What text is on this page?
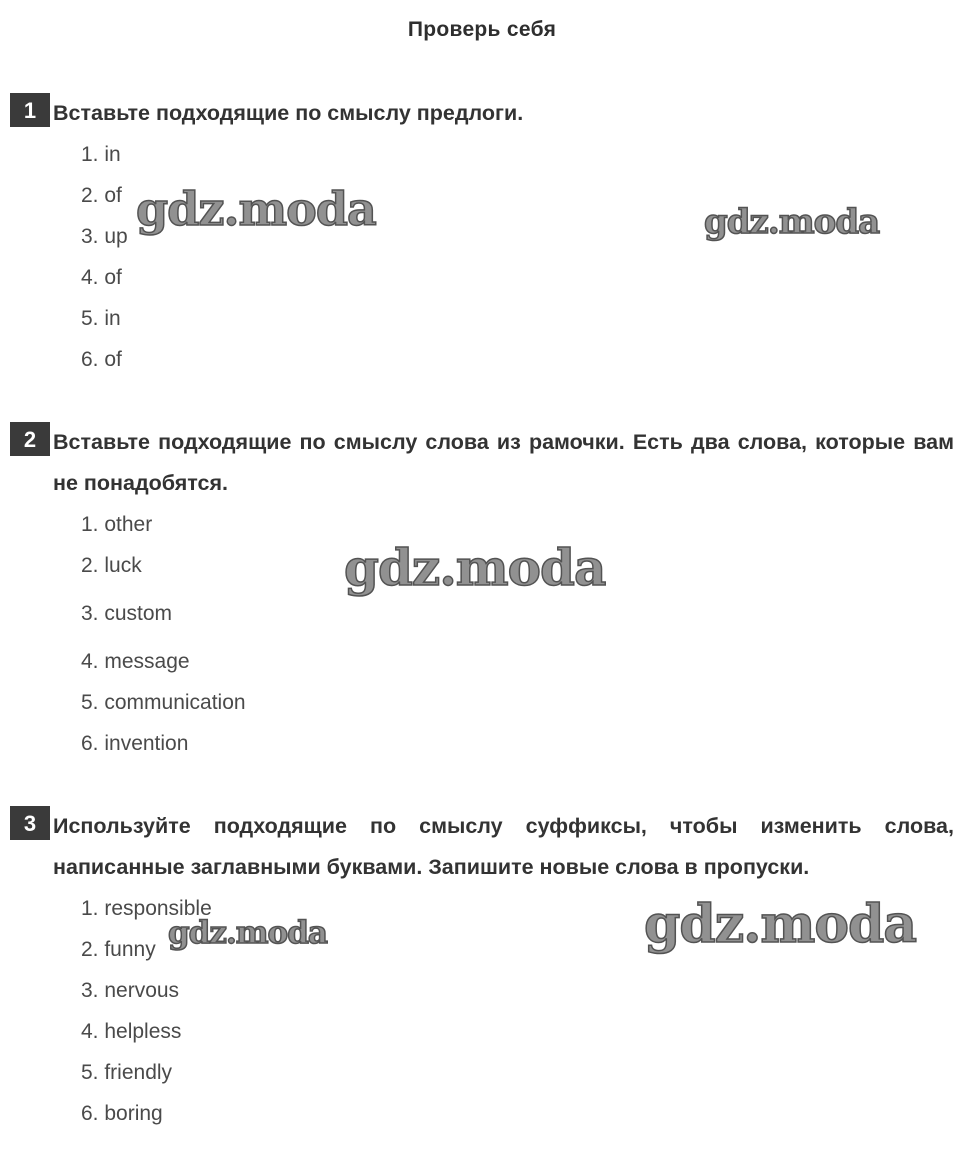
Проверь себя
1 Вставьте подходящие по смыслу предлоги.
1. in
2. of
3. up
4. of
5. in
6. of
2 Вставьте подходящие по смыслу слова из рамочки. Есть два слова, которые вам не понадобятся.
1. other
2. luck
3. custom
4. message
5. communication
6. invention
3 Используйте подходящие по смыслу суффиксы, чтобы изменить слова, написанные заглавными буквами. Запишите новые слова в пропуски.
1. responsible
2. funny
3. nervous
4. helpless
5. friendly
6. boring
gdz.moda	gdz.moda
gdz.moda
gdz.moda	gdz.moda
